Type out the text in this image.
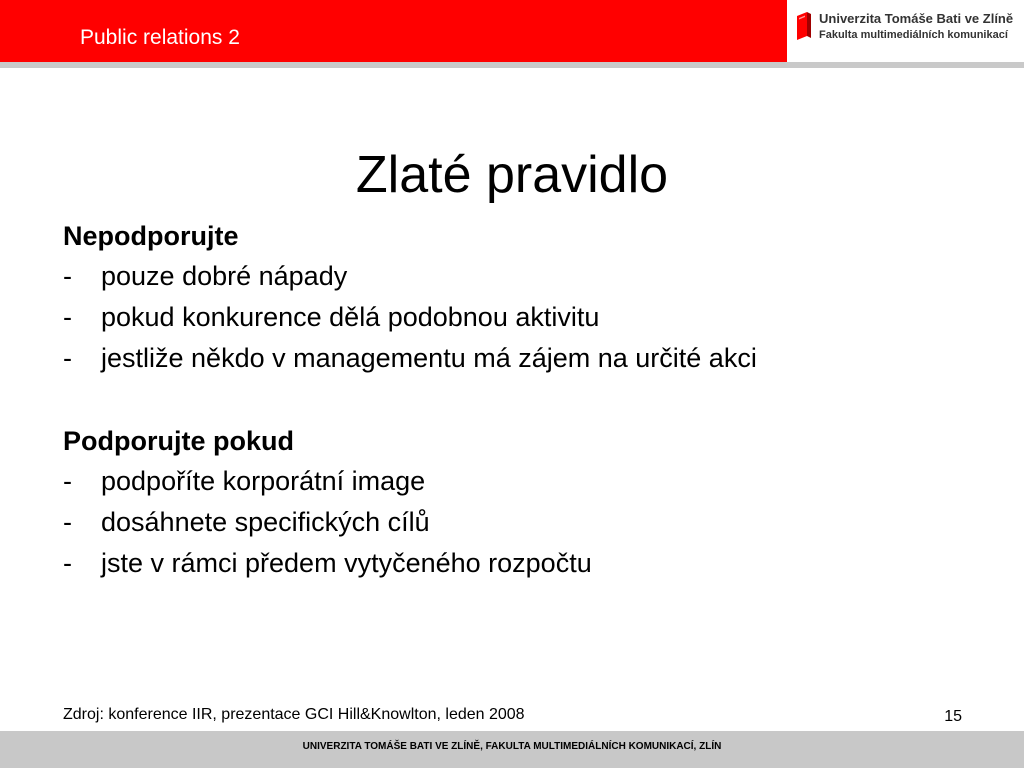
Public relations 2
Univerzita Tomáše Bati ve Zlíně
Fakulta multimediálních komunikací
Zlaté pravidlo
Nepodporujte
-	pouze dobré nápady
-	pokud konkurence dělá podobnou aktivitu
-	jestliže někdo v managementu má zájem na určité akci
Podporujte pokud
-	podpoříte korporátní image
-	dosáhnete specifických cílů
-	jste v rámci předem vytyčeného rozpočtu
Zdroj: konference IIR, prezentace GCI Hill&Knowlton, leden 2008	15
UNIVERZITA TOMÁŠE BATI VE ZLÍNĚ, FAKULTA MULTIMEDIÁLNÍCH KOMUNIKACÍ, ZLÍN
